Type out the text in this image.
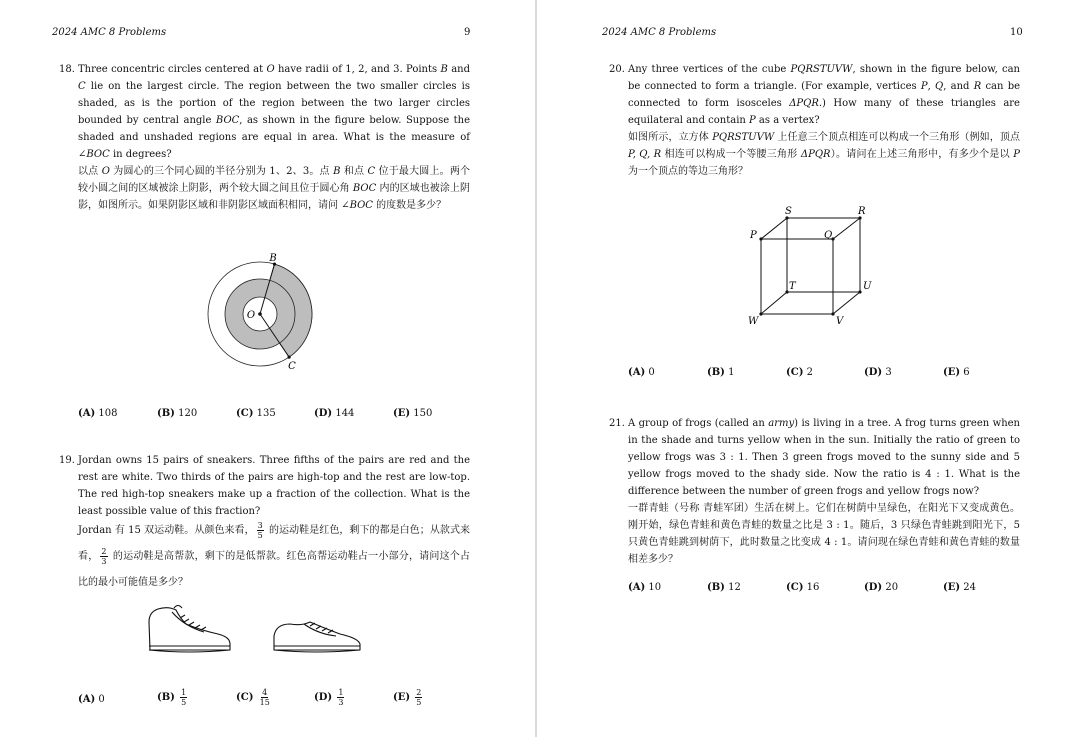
2024 AMC 8 Problems	9
18. Three concentric circles centered at O have radii of 1, 2, and 3. Points B and C lie on the largest circle. The region between the two smaller circles is shaded, as is the portion of the region between the two larger circles bounded by central angle BOC, as shown in the figure below. Suppose the shaded and unshaded regions are equal in area. What is the measure of ∠BOC in degrees?

以点 O 为圆心的三个同心圆的半径分别为 1、2、3。点 B 和点 C 位于最大圆上。两个较小圆之间的区域被涂上阴影，两个较大圆之间且位于圆心角 BOC 内的区域也被涂上阴影，如图所示。如果阴影区域和非阴影区域面积相同，请问 ∠BOC 的度数是多少？

B
O
C
(A) 108	(B) 120	(C) 135	(D) 144	(E) 150
19. Jordan owns 15 pairs of sneakers. Three fifths of the pairs are red and the rest are white. Two thirds of the pairs are high-top and the rest are low-top. The red high-top sneakers make up a fraction of the collection. What is the least possible value of this fraction?

Jordan 有 15 双运动鞋。从颜色来看， $\frac{3}{5}$ 的运动鞋是红色，剩下的都是白色；从款式来看， $\frac{2}{3}$ 的运动鞋是高帮款，剩下的是低帮款。红色高帮运动鞋占一小部分，请问这个占比的最小可能值是多少？

(A) 0	$(B) \frac{1}{5}$	$(C) \frac{4}{15}$	$(D) \frac{1}{3}$	$(E) \frac{2}{5}$
2024 AMC 8 Problems	10
20. Any three vertices of the cube PQRSTUVW, shown in the figure below, can be connected to form a triangle. (For example, vertices P, Q, and R can be connected to form isosceles ΔPQR.) How many of these triangles are equilateral and contain P as a vertex?

如图所示，立方体 PQRSTUVW 上任意三个顶点相连可以构成一个三角形（例如，顶点 P, Q, R 相连可以构成一个等腰三角形 ΔPQR）。请问在上述三角形中，有多少个是以 P 为一个顶点的等边三角形？

S	R
P	Q
T	U
W	V
(A) 0	(B) 1	(C) 2	(D) 3	(E) 6
21. A group of frogs (called an army) is living in a tree. A frog turns green when in the shade and turns yellow when in the sun. Initially the ratio of green to yellow frogs was 3 : 1. Then 3 green frogs moved to the sunny side and 5 yellow frogs moved to the shady side. Now the ratio is 4 : 1. What is the difference between the number of green frogs and yellow frogs now?

一群青蛙（号称 青蛙军团）生活在树上。它们在树荫中呈绿色，在阳光下又变成黄色。刚开始，绿色青蛙和黄色青蛙的数量之比是 3 : 1。随后，3 只绿色青蛙跳到阳光下，5 只黄色青蛙跳到树荫下，此时数量之比变成 4 : 1。请问现在绿色青蛙和黄色青蛙的数量相差多少？

(A) 10	(B) 12	(C) 16	(D) 20	(E) 24
